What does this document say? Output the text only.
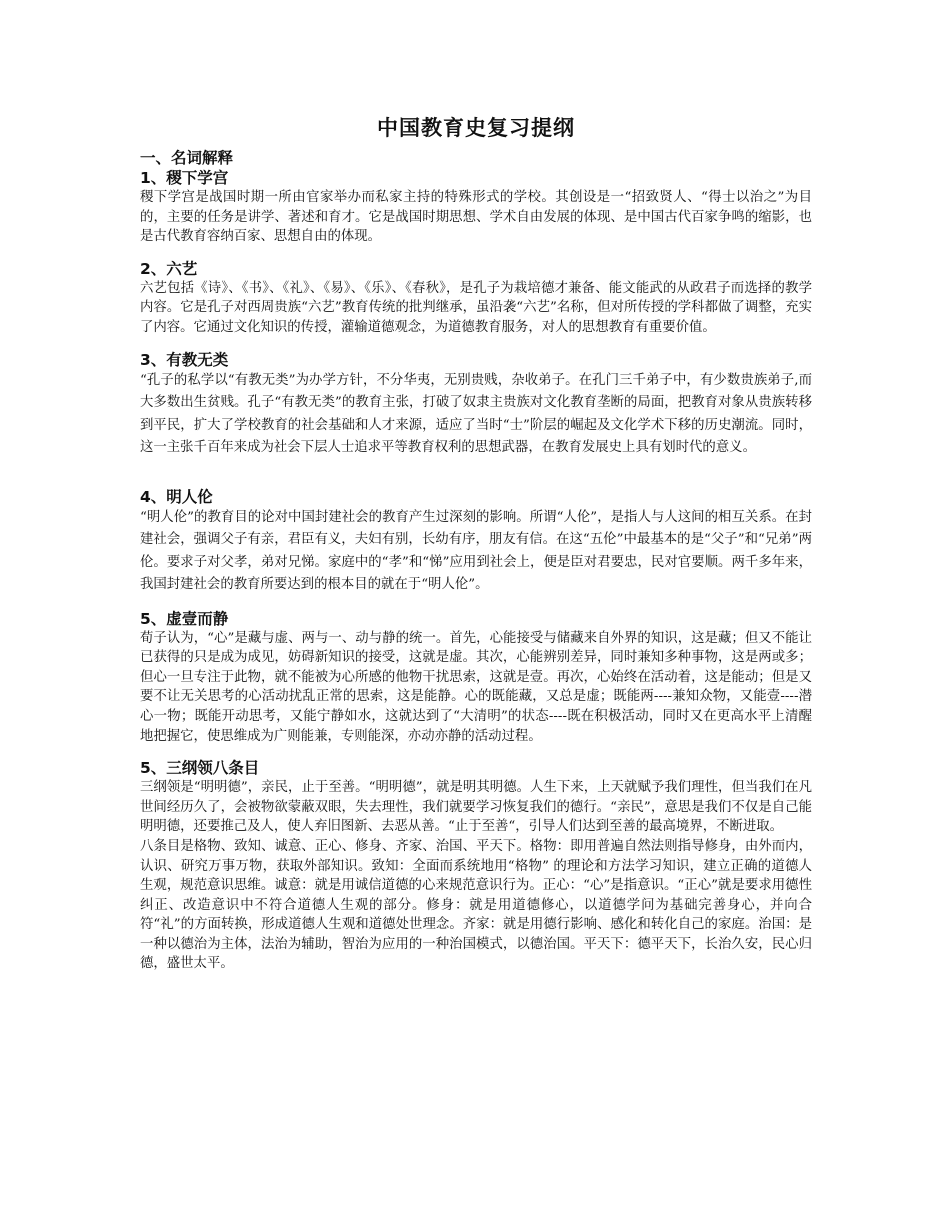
中国教育史复习提纲
一、名词解释
1、稷下学宫

稷下学宫是战国时期一所由官家举办而私家主持的特殊形式的学校。其创设是一“招致贤人、“得士以治之”为目的，主要的任务是讲学、著述和育才。它是战国时期思想、学术自由发展的体现、是中国古代百家争鸣的缩影，也是古代教育容纳百家、思想自由的体现。

2、六艺

六艺包括《诗》、《书》、《礼》、《易》、《乐》、《春秋》，是孔子为栽培德才兼备、能文能武的从政君子而选择的教学内容。它是孔子对西周贵族“六艺”教育传统的批判继承，虽沿袭“六艺”名称，但对所传授的学科都做了调整，充实了内容。它通过文化知识的传授，灌输道德观念，为道德教育服务，对人的思想教育有重要价值。

3、有教无类

“孔子的私学以“有教无类”为办学方针，不分华夷，无别贵贱，杂收弟子。在孔门三千弟子中，有少数贵族弟子,而大多数出生贫贱。孔子“有教无类”的教育主张，打破了奴隶主贵族对文化教育垄断的局面，把教育对象从贵族转移到平民，扩大了学校教育的社会基础和人才来源，适应了当时“士”阶层的崛起及文化学术下移的历史潮流。同时，这一主张千百年来成为社会下层人士追求平等教育权利的思想武器，在教育发展史上具有划时代的意义。

4、明人伦

“明人伦”的教育目的论对中国封建社会的教育产生过深刻的影响。所谓“人伦”，是指人与人这间的相互关系。在封建社会，强调父子有亲，君臣有义，夫妇有别，长幼有序，朋友有信。在这“五伦”中最基本的是“父子”和“兄弟”两伦。要求子对父孝，弟对兄悌。家庭中的“孝”和“悌”应用到社会上，便是臣对君要忠，民对官要顺。两千多年来，我国封建社会的教育所要达到的根本目的就在于“明人伦”。

5、虚壹而静

荀子认为，“心”是藏与虚、两与一、动与静的统一。首先，心能接受与储藏来自外界的知识，这是藏；但又不能让已获得的只是成为成见，妨碍新知识的接受，这就是虚。其次，心能辨别差异，同时兼知多种事物，这是两或多；但心一旦专注于此物，就不能被为心所感的他物干扰思索，这就是壹。再次，心始终在活动着，这是能动；但是又要不让无关思考的心活动扰乱正常的思索，这是能静。心的既能藏，又总是虚；既能两----兼知众物，又能壹----潜心一物；既能开动思考，又能宁静如水，这就达到了“大清明”的状态----既在积极活动，同时又在更高水平上清醒地把握它，使思维成为广则能兼，专则能深，亦动亦静的活动过程。

5、三纲领八条目

三纲领是“明明德”，亲民，止于至善。“明明德”，就是明其明德。人生下来，上天就赋予我们理性，但当我们在凡世间经历久了，会被物欲蒙蔽双眼，失去理性，我们就要学习恢复我们的德行。“亲民”，意思是我们不仅是自己能明明德，还要推己及人，使人弃旧图新、去恶从善。“止于至善“，引导人们达到至善的最高境界，不断进取。

八条目是格物、致知、诚意、正心、修身、齐家、治国、平天下。格物：即用普遍自然法则指导修身，由外而内，认识、研究万事万物，获取外部知识。致知：全面而系统地用“格物” 的理论和方法学习知识，建立正确的道德人生观，规范意识思维。诚意：就是用诚信道德的心来规范意识行为。正心：“心”是指意识。“正心”就是要求用德性纠正、改造意识中不符合道德人生观的部分。修身：就是用道德修心，以道德学问为基础完善身心，并向合符“礼”的方面转换，形成道德人生观和道德处世理念。齐家：就是用德行影响、感化和转化自己的家庭。治国：是一种以德治为主体，法治为辅助，智治为应用的一种治国模式，以德治国。平天下：德平天下，长治久安，民心归德，盛世太平。
